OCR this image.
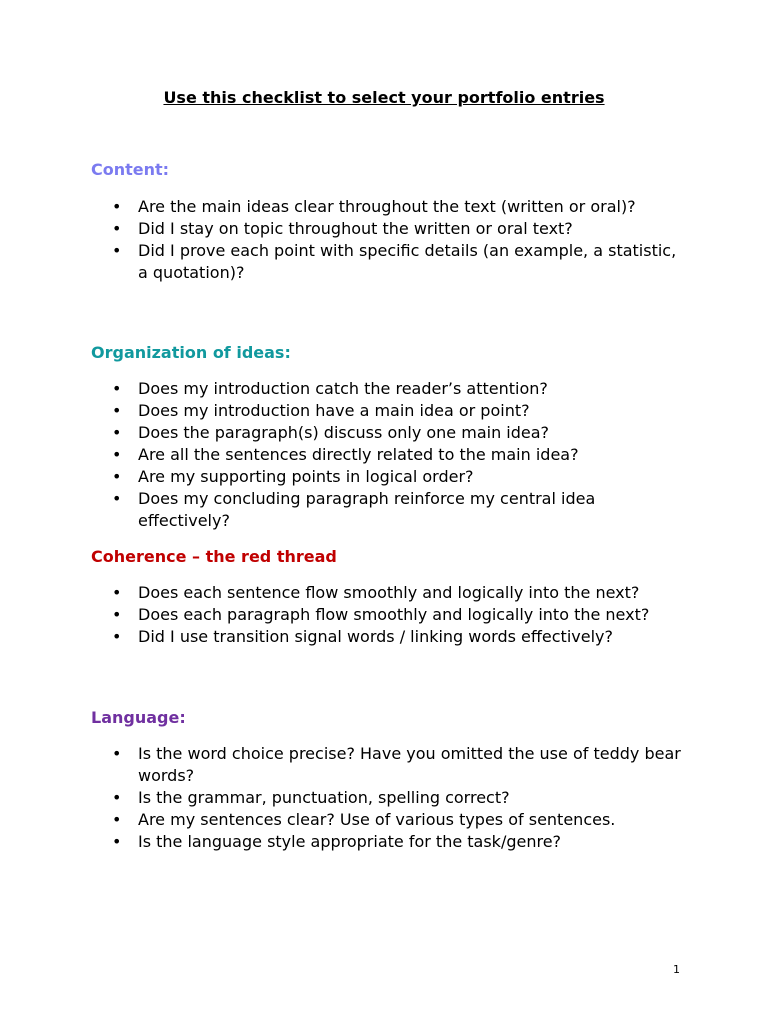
Use this checklist to select your portfolio entries
Content:
• Are the main ideas clear throughout the text (written or oral)?
• Did I stay on topic throughout the written or oral text?
• Did I prove each point with specific details (an example, a statistic, a quotation)?
Organization of ideas:
• Does my introduction catch the reader’s attention?
• Does my introduction have a main idea or point?
• Does the paragraph(s) discuss only one main idea?
• Are all the sentences directly related to the main idea?
• Are my supporting points in logical order?
• Does my concluding paragraph reinforce my central idea effectively?
Coherence – the red thread
• Does each sentence flow smoothly and logically into the next?
• Does each paragraph flow smoothly and logically into the next?
• Did I use transition signal words / linking words effectively?
Language:
• Is the word choice precise? Have you omitted the use of teddy bear words?
• Is the grammar, punctuation, spelling correct?
• Are my sentences clear? Use of various types of sentences.
• Is the language style appropriate for the task/genre?
1
